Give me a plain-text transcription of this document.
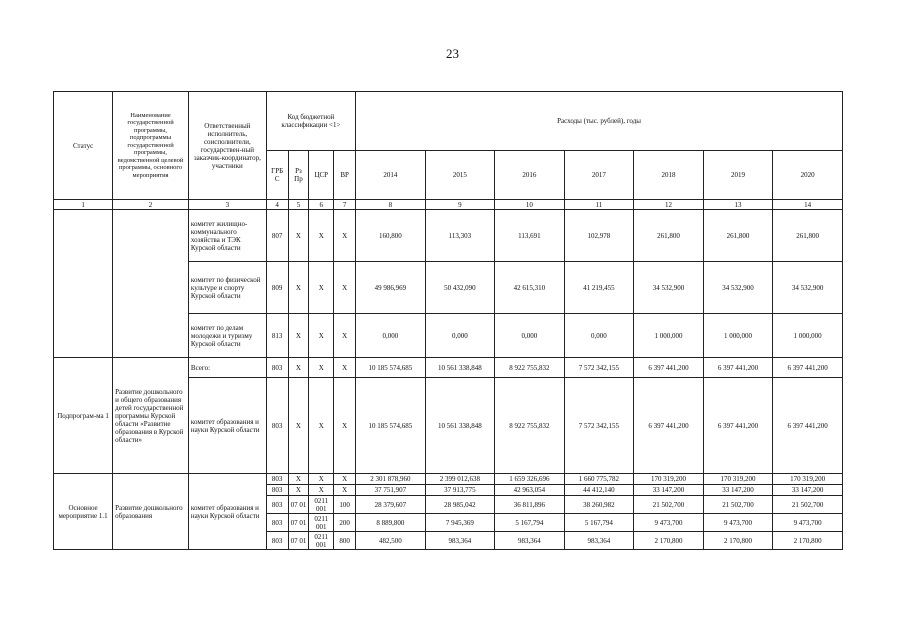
23
Статус	Наименование государственной программы, подпрограммы государственной программы, ведомственной целевой программы, основного мероприятия	Ответственный исполнитель, соисполнители, государствен-ный заказчик-координатор, участники	Код бюджетной классификации <1>				Расходы (тыс. рублей), годы						
			ГРБ С	Рз Пр	ЦСР	ВР	2014	2015	2016	2017	2018	2019	2020
1	2	3	4	5	6	7	8	9	10	11	12	13	14
		комитет жилищно-коммунального хозяйства и ТЭК Курской области	807	X	X	X	160,800	113,303	113,691	102,978	261,800	261,800	261,800
		комитет по физической культуре и спорту Курской области	809	X	X	X	49 986,969	50 432,090	42 615,310	41 219,455	34 532,900	34 532,900	34 532,900
		комитет по делам молодежи и туризму Курской области	813	X	X	X	0,000	0,000	0,000	0,000	1 000,000	1 000,000	1 000,000
Подпрограм-ма 1	Развитие дошкольного и общего образования детей государственной программы Курской области «Развитие образования в Курской области»	Всего:	803	X	X	X	10 185 574,685	10 561 338,848	8 922 755,832	7 572 342,155	6 397 441,200	6 397 441,200	6 397 441,200
		комитет образования и науки Курской области	803	X	X	X	10 185 574,685	10 561 338,848	8 922 755,832	7 572 342,155	6 397 441,200	6 397 441,200	6 397 441,200
Основное мероприятие 1.1	Развитие дошкольного образования	комитет образования и науки Курской области	803	X	X	X	2 301 878,960	2 399 012,638	1 659 326,696	1 660 775,782	170 319,200	170 319,200	170 319,200
			803	X	X	X	37 751,907	37 913,775	42 963,054	44 412,140	33 147,200	33 147,200	33 147,200
			803	07 01	0211 001	100	28 379,607	28 985,042	36 811,896	38 260,982	21 502,700	21 502,700	21 502,700
			803	07 01	0211 001	200	8 889,800	7 945,369	5 167,794	5 167,794	9 473,700	9 473,700	9 473,700
			803	07 01	0211 001	800	482,500	983,364	983,364	983,364	2 170,800	2 170,800	2 170,800
